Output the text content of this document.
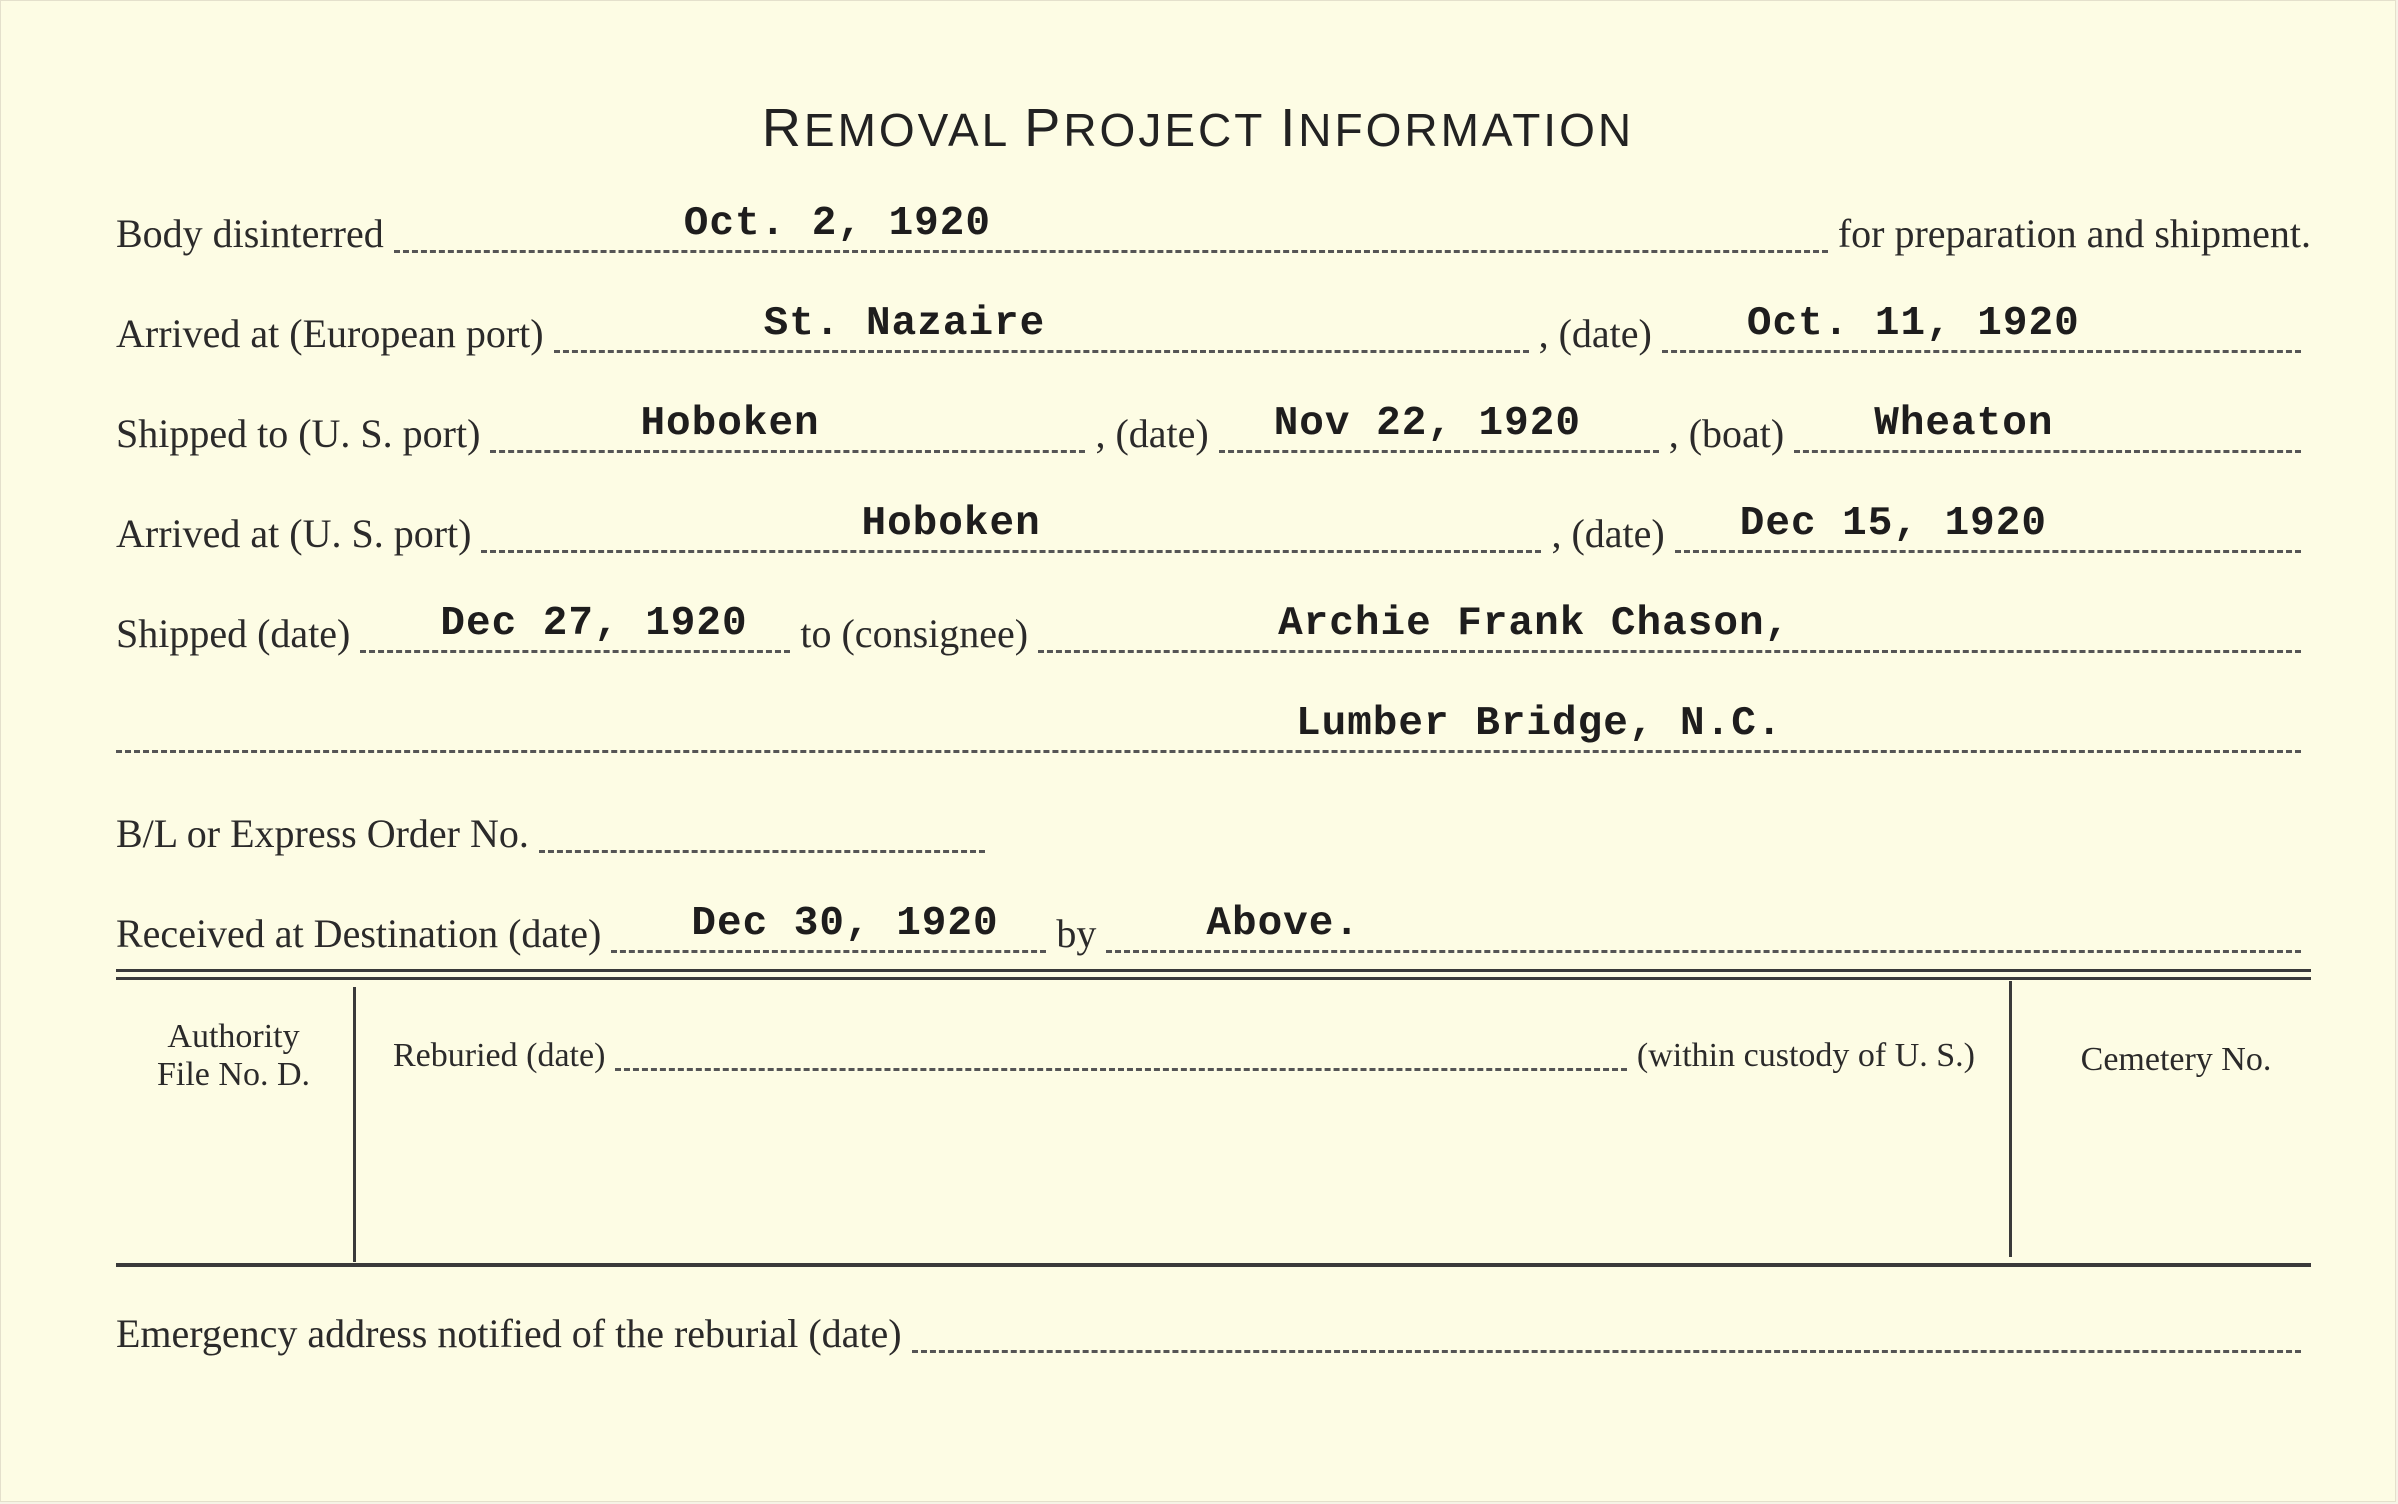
REMOVAL PROJECT INFORMATION
Body disinterred	Oct. 2, 1920	for preparation and shipment.
Arrived at (European port)	St. Nazaire	, (date) Oct. 11, 1920
Shipped to (U. S. port)	Hoboken	, (date) Nov 22, 1920 , (boat) Wheaton
Arrived at (U. S. port)	Hoboken	, (date) Dec 15, 1920
Shipped (date) Dec 27, 1920 to (consignee)	Archie Frank Chason,
Lumber Bridge, N.C.
B/L or Express Order No.
Received at Destination (date) Dec 30, 1920 by	Above.
Authority
File No. D.
Reburied (date)	(within custody of U. S.)	Cemetery No.
Emergency address notified of the reburial (date)
